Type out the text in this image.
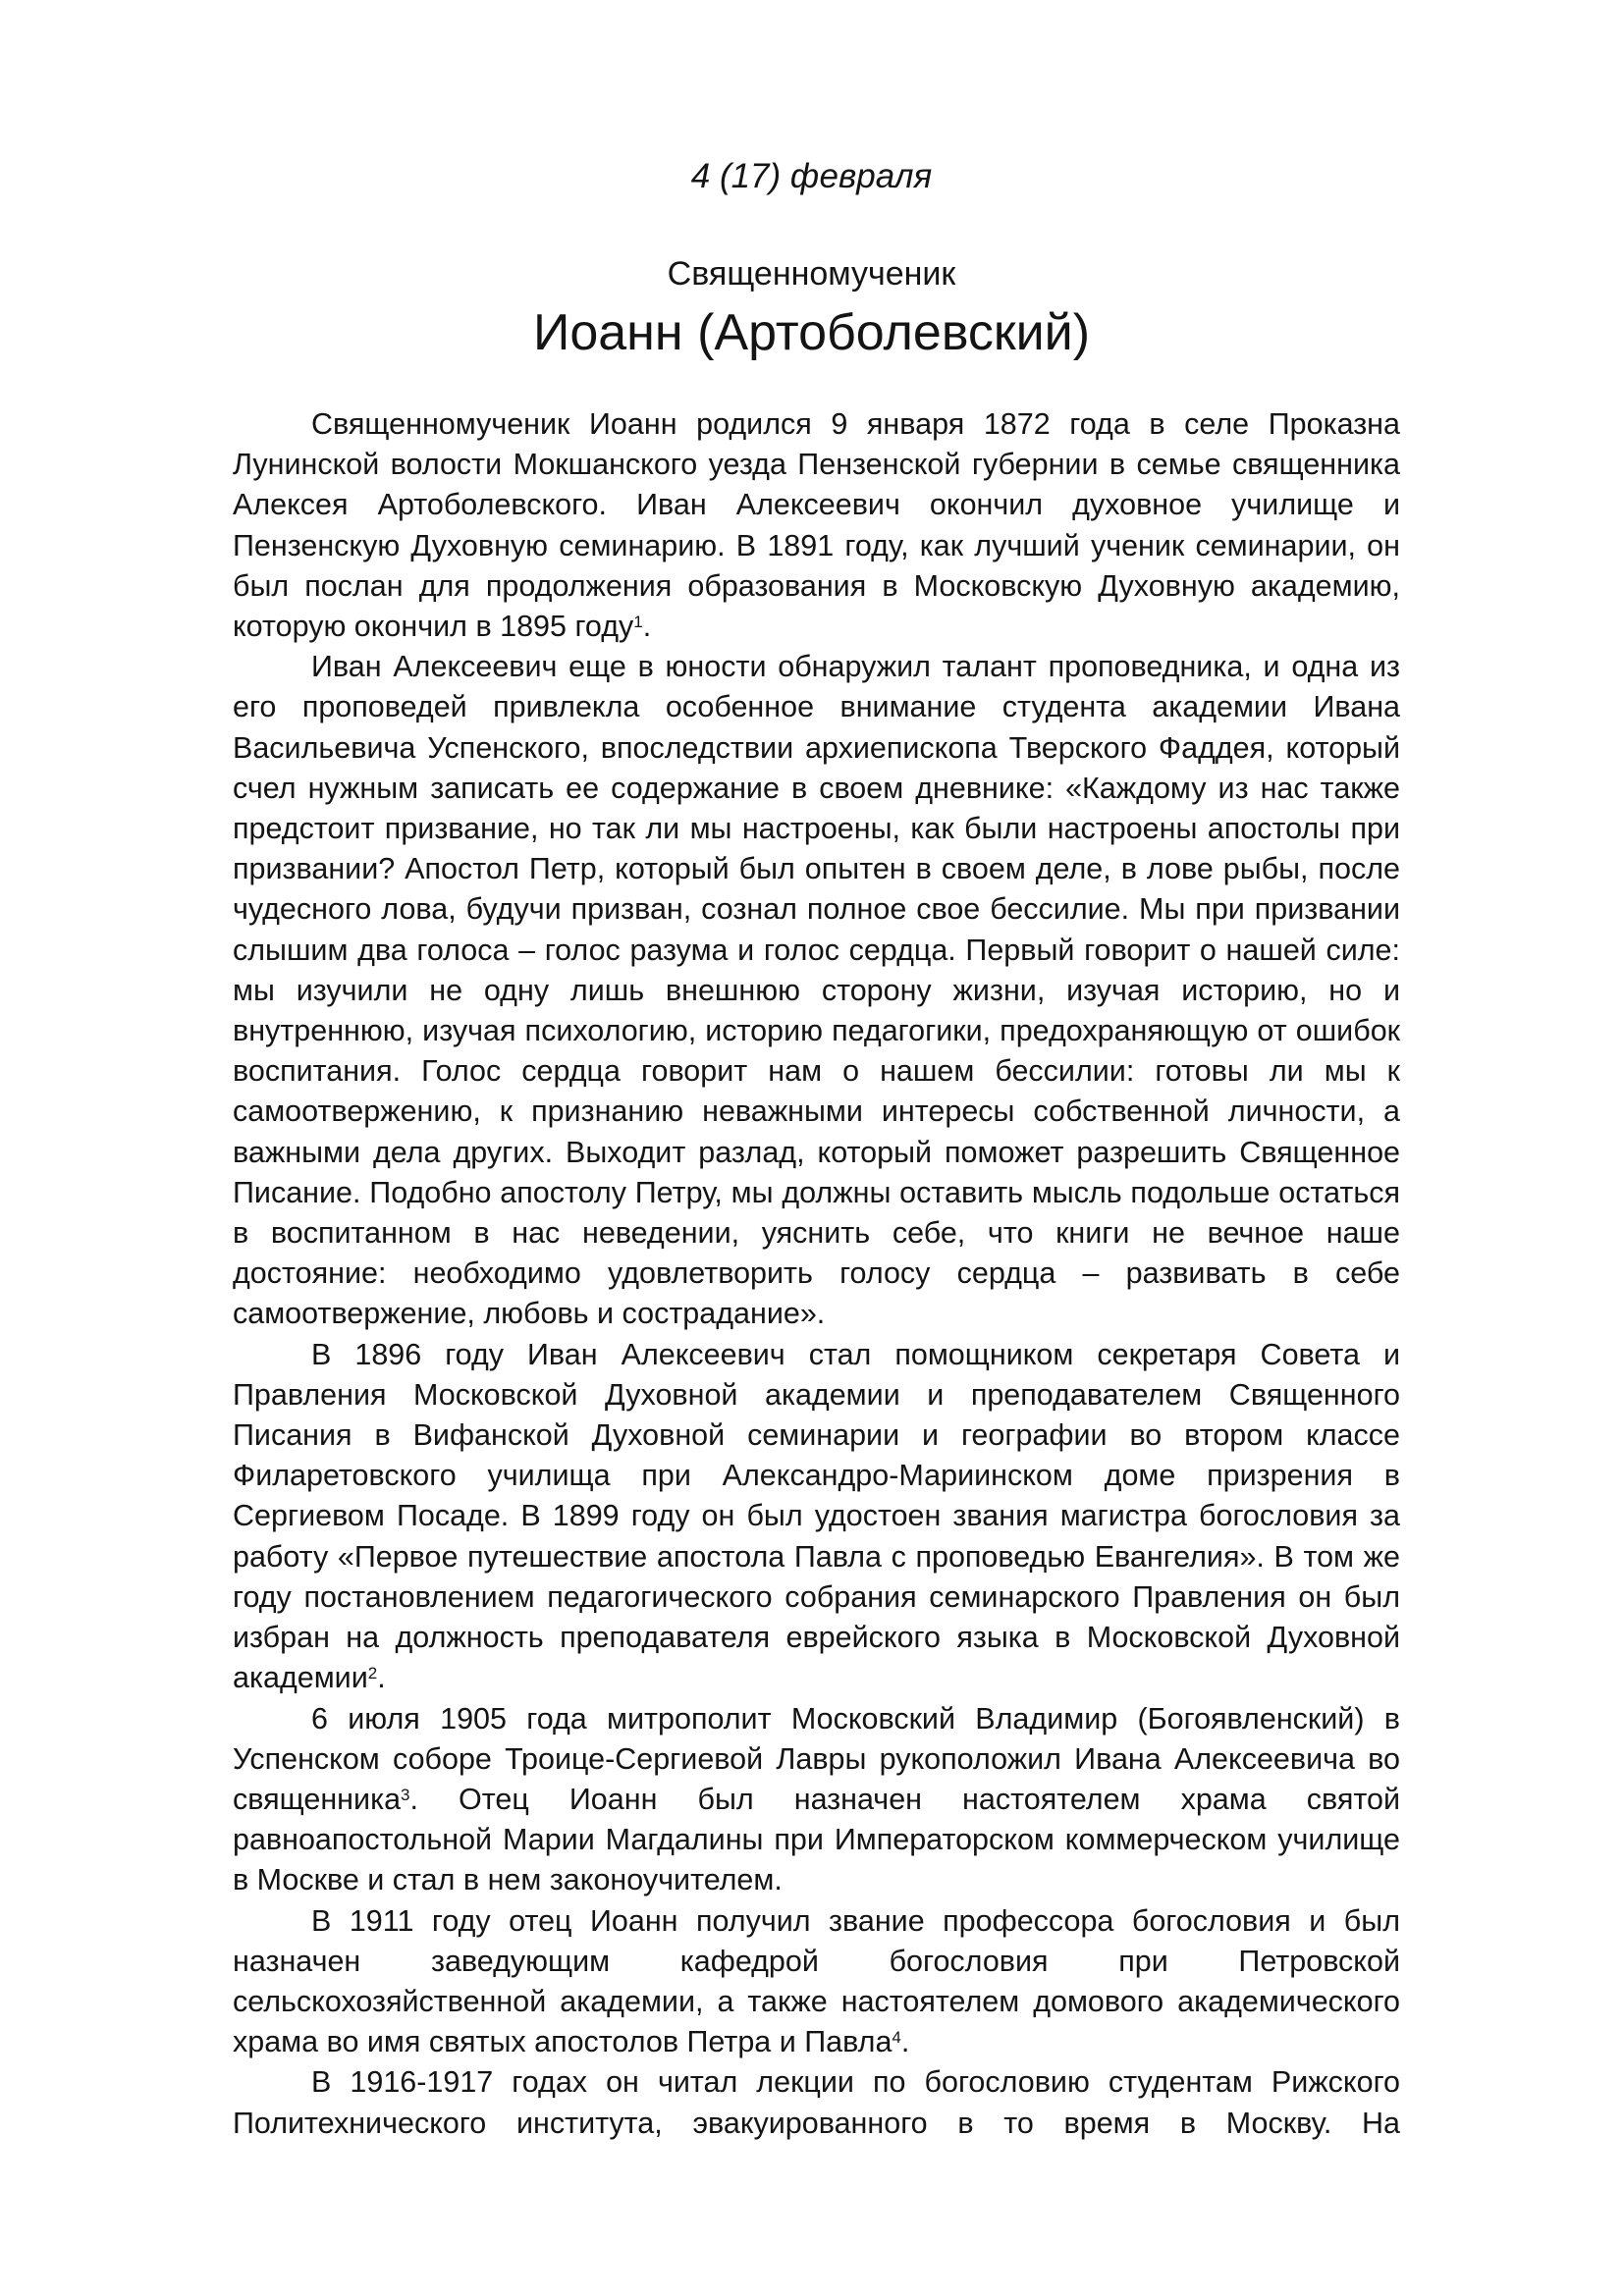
4 (17) февраля
Священномученик
Иоанн (Артоболевский)

Священномученик Иоанн родился 9 января 1872 года в селе Проказна Лунинской волости Мокшанского уезда Пензенской губернии в семье священника Алексея Артоболевского. Иван Алексеевич окончил духовное училище и Пензенскую Духовную семинарию. В 1891 году, как лучший ученик семинарии, он был послан для продолжения образования в Московскую Духовную академию, которую окончил в 1895 году$^1$.

Иван Алексеевич еще в юности обнаружил талант проповедника, и одна из его проповедей привлекла особенное внимание студента академии Ивана Васильевича Успенского, впоследствии архиепископа Тверского Фаддея, который счел нужным записать ее содержание в своем дневнике: «Каждому из нас также предстоит призвание, но так ли мы настроены, как были настроены апостолы при призвании? Апостол Петр, который был опытен в своем деле, в лове рыбы, после чудесного лова, будучи призван, сознал полное свое бессилие. Мы при призвании слышим два голоса – голос разума и голос сердца. Первый говорит о нашей силе: мы изучили не одну лишь внешнюю сторону жизни, изучая историю, но и внутреннюю, изучая психологию, историю педагогики, предохраняющую от ошибок воспитания. Голос сердца говорит нам о нашем бессилии: готовы ли мы к самоотвержению, к признанию неважными интересы собственной личности, а важными дела других. Выходит разлад, который поможет разрешить Священное Писание. Подобно апостолу Петру, мы должны оставить мысль подольше остаться в воспитанном в нас неведении, уяснить себе, что книги не вечное наше достояние: необходимо удовлетворить голосу сердца – развивать в себе самоотвержение, любовь и сострадание».

В 1896 году Иван Алексеевич стал помощником секретаря Совета и Правления Московской Духовной академии и преподавателем Священного Писания в Вифанской Духовной семинарии и географии во втором классе Филаретовского училища при Александро-Мариинском доме призрения в Сергиевом Посаде. В 1899 году он был удостоен звания магистра богословия за работу «Первое путешествие апостола Павла с проповедью Евангелия». В том же году постановлением педагогического собрания семинарского Правления он был избран на должность преподавателя еврейского языка в Московской Духовной академии$^2$.

6 июля 1905 года митрополит Московский Владимир (Богоявленский) в Успенском соборе Троице-Сергиевой Лавры рукоположил Ивана Алексеевича во священника$^3$. Отец Иоанн был назначен настоятелем храма святой равноапостольной Марии Магдалины при Императорском коммерческом училище в Москве и стал в нем законоучителем.

В 1911 году отец Иоанн получил звание профессора богословия и был назначен заведующим кафедрой богословия при Петровской сельскохозяйственной академии, а также настоятелем домового академического храма во имя святых апостолов Петра и Павла$^4$.

В 1916-1917 годах он читал лекции по богословию студентам Рижского Политехнического института, эвакуированного в то время в Москву. На
